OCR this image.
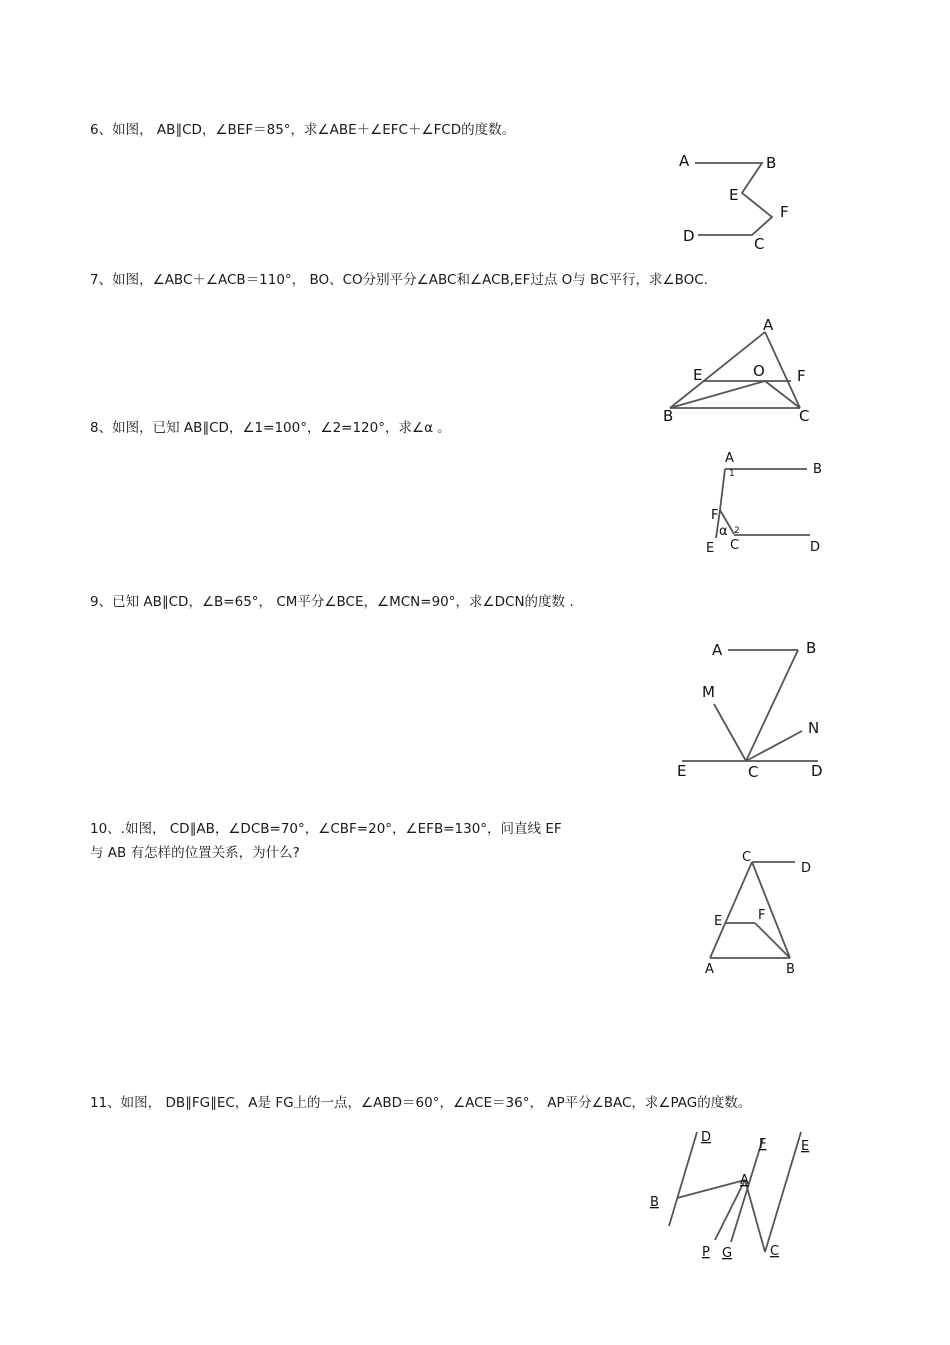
6、如图， AB∥CD，∠BEF＝85°，求∠ABE＋∠EFC＋∠FCD的度数。
A	B
E
F
D	C
7、如图，∠ABC＋∠ACB＝110°， BO、CO分别平分∠ABC和∠ACB,EF过点 O与 BC平行，求∠BOC.
A
E	O F
B	C
8、如图，已知 AB∥CD，∠1=100°，∠2=120°，求∠α 。
A
B
1
F
2
α
C
E	D
9、已知 AB∥CD，∠B=65°， CM平分∠BCE，∠MCN=90°，求∠DCN的度数 .
A	B
M
N
E	C	D
10、.如图， CD∥AB，∠DCB=70°，∠CBF=20°，∠EFB=130°，问直线 EF
与 AB 有怎样的位置关系，为什么?	C
D
E	F
A	B
11、如图， DB∥FG∥EC，A是 FG上的一点，∠ABD＝60°，∠ACE＝36°， AP平分∠BAC，求∠PAG的度数。
D	F	E
A
B
P G	C
